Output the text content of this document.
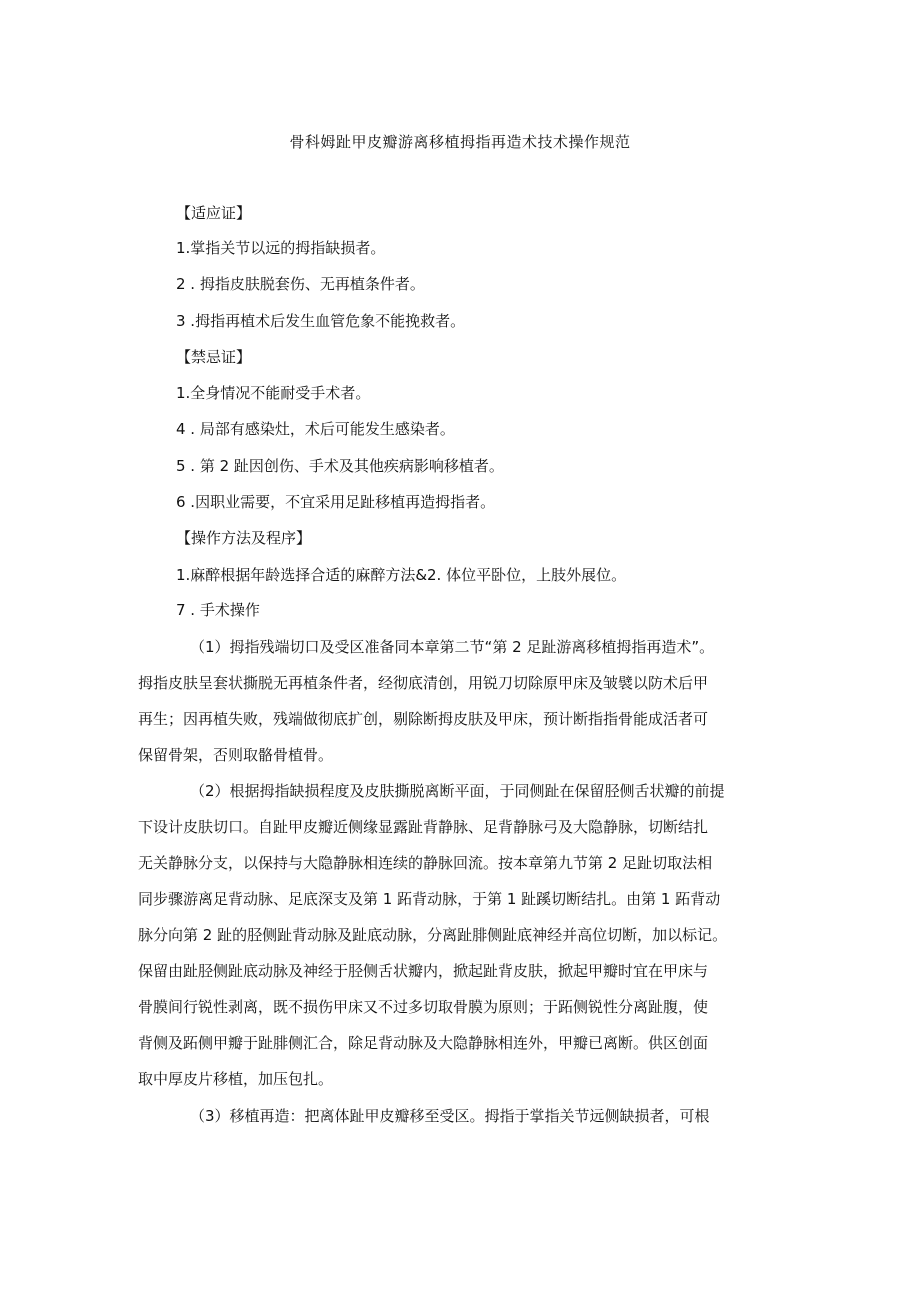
骨科姆趾甲皮瓣游离移植拇指再造术技术操作规范
【适应证】
1.掌指关节以远的拇指缺损者。
2 . 拇指皮肤脱套伤、无再植条件者。
3 .拇指再植术后发生血管危象不能挽救者。
【禁忌证】
1.全身情况不能耐受手术者。
4 . 局部有感染灶，术后可能发生感染者。
5 . 第 2 趾因创伤、手术及其他疾病影响移植者。
6 .因职业需要，不宜采用足趾移植再造拇指者。
【操作方法及程序】
1.麻醉根据年龄选择合适的麻醉方法&2. 体位平卧位，上肢外展位。
7 . 手术操作
（1）拇指残端切口及受区准备同本章第二节“第 2 足趾游离移植拇指再造术”。
拇指皮肤呈套状撕脱无再植条件者，经彻底清创，用锐刀切除原甲床及皱襞以防术后甲
再生；因再植失败，残端做彻底扩创，剔除断拇皮肤及甲床，预计断指指骨能成活者可
保留骨架，否则取骼骨植骨。
（2）根据拇指缺损程度及皮肤撕脱离断平面，于同侧趾在保留胫侧舌状瓣的前提
下设计皮肤切口。自趾甲皮瓣近侧缘显露趾背静脉、足背静脉弓及大隐静脉，切断结扎
无关静脉分支，以保持与大隐静脉相连续的静脉回流。按本章第九节第 2 足趾切取法相
同步骤游离足背动脉、足底深支及第 1 跖背动脉，于第 1 趾蹊切断结扎。由第 1 跖背动
脉分向第 2 趾的胫侧趾背动脉及趾底动脉，分离趾腓侧趾底神经并高位切断，加以标记。
保留由趾胫侧趾底动脉及神经于胫侧舌状瓣内，掀起趾背皮肤，掀起甲瓣时宜在甲床与
骨膜间行锐性剥离，既不损伤甲床又不过多切取骨膜为原则；于跖侧锐性分离趾腹，使
背侧及跖侧甲瓣于趾腓侧汇合，除足背动脉及大隐静脉相连外，甲瓣已离断。供区创面
取中厚皮片移植，加压包扎。
（3）移植再造：把离体趾甲皮瓣移至受区。拇指于掌指关节远侧缺损者，可根
